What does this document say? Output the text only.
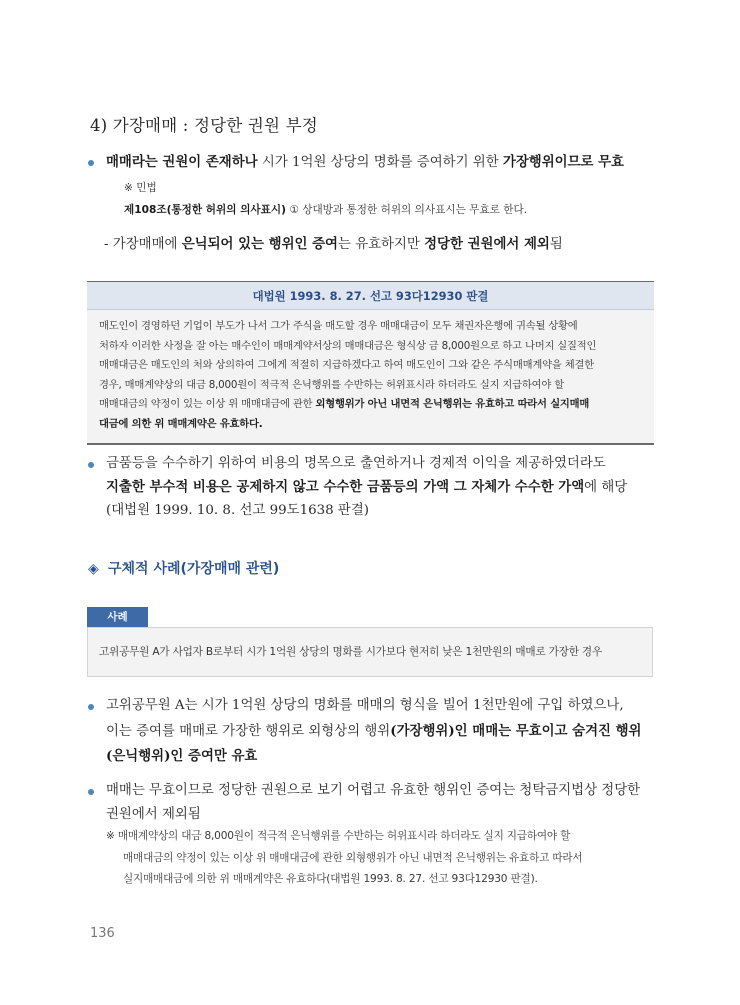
4) 가장매매 : 정당한 권원 부정
매매라는 권원이 존재하나 시가 1억원 상당의 명화를 증여하기 위한 가장행위이므로 무효
※ 민법
제108조(통정한 허위의 의사표시) ① 상대방과 통정한 허위의 의사표시는 무효로 한다.
- 가장매매에 은닉되어 있는 행위인 증여는 유효하지만 정당한 권원에서 제외됨
대법원 1993. 8. 27. 선고 93다12930 판결
매도인이 경영하던 기업이 부도가 나서 그가 주식을 매도할 경우 매매대금이 모두 채권자은행에 귀속될 상황에
처하자 이러한 사정을 잘 아는 매수인이 매매계약서상의 매매대금은 형식상 금 8,000원으로 하고 나머지 실질적인
매매대금은 매도인의 처와 상의하여 그에게 적절히 지급하겠다고 하여 매도인이 그와 같은 주식매매계약을 체결한
경우, 매매계약상의 대금 8,000원이 적극적 은닉행위를 수반하는 허위표시라 하더라도 실지 지급하여야 할
매매대금의 약정이 있는 이상 위 매매대금에 관한 외형행위가 아닌 내면적 은닉행위는 유효하고 따라서 실지매매
대금에 의한 위 매매계약은 유효하다.
금품등을 수수하기 위하여 비용의 명목으로 출연하거나 경제적 이익을 제공하였더라도
지출한 부수적 비용은 공제하지 않고 수수한 금품등의 가액 그 자체가 수수한 가액에 해당
(대법원 1999. 10. 8. 선고 99도1638 판결)
◈ 구체적 사례(가장매매 관련)
사례
고위공무원 A가 사업자 B로부터 시가 1억원 상당의 명화를 시가보다 현저히 낮은 1천만원의 매매로 가장한 경우
고위공무원 A는 시가 1억원 상당의 명화를 매매의 형식을 빌어 1천만원에 구입 하였으나,
이는 증여를 매매로 가장한 행위로 외형상의 행위(가장행위)인 매매는 무효이고 숨겨진 행위
(은닉행위)인 증여만 유효
매매는 무효이므로 정당한 권원으로 보기 어렵고 유효한 행위인 증여는 청탁금지법상 정당한
권원에서 제외됨
※ 매매계약상의 대금 8,000원이 적극적 은닉행위를 수반하는 허위표시라 하더라도 실지 지급하여야 할
매매대금의 약정이 있는 이상 위 매매대금에 관한 외형행위가 아닌 내면적 은닉행위는 유효하고 따라서
실지매매대금에 의한 위 매매계약은 유효하다(대법원 1993. 8. 27. 선고 93다12930 판결).
136
